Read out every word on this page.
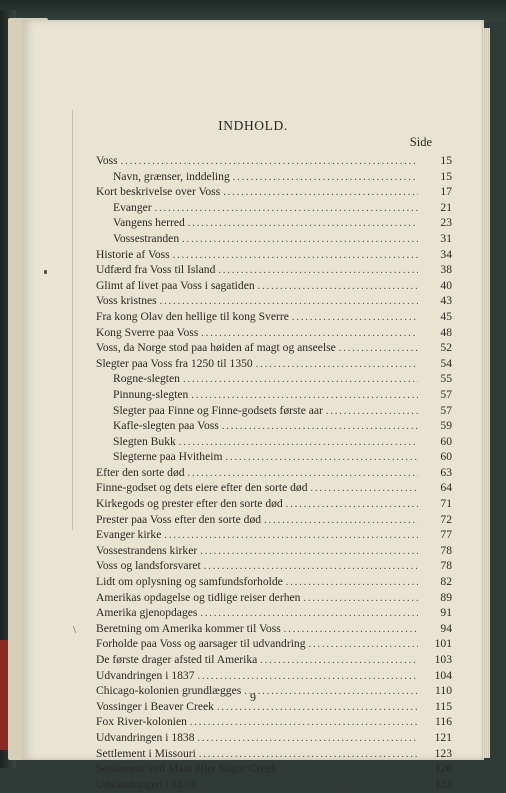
\
INDHOLD.
Side
Voss .....	15
Navn, grænser, inddeling .....	15
Kort beskrivelse over Voss .....	17
Evanger .....	21
Vangens herred .....	23
Vossestranden .....	31
Historie af Voss .....	34
Udfærd fra Voss til Island .....	38
Glimt af livet paa Voss i sagatiden .....	40
Voss kristnes .....	43
Fra kong Olav den hellige til kong Sverre .....	45
Kong Sverre paa Voss .....	48
Voss, da Norge stod paa høiden af magt og anseelse .....	52
Slegter paa Voss fra 1250 til 1350 .....	54
Rogne-slegten .....	55
Pinnung-slegten .....	57
Slegter paa Finne og Finne-godsets første aar .....	57
Kafle-slegten paa Voss .....	59
Slegten Bukk .....	60
Slegterne paa Hvitheim .....	60
Efter den sorte død .....	63
Finne-godset og dets eiere efter den sorte død .....	64
Kirkegods og prester efter den sorte død .....	71
Prester paa Voss efter den sorte død .....	72
Evanger kirke .....	77
Vossestrandens kirker .....	78
Voss og landsforsvaret .....	78
Lidt om oplysning og samfundsforholde .....	82
Amerikas opdagelse og tidlige reiser derhen .....	89
Amerika gjenopdages .....	91
Beretning om Amerika kommer til Voss .....	94
Forholde paa Voss og aarsager til udvandring .....	101
De første drager afsted til Amerika .....	103
Udvandringen i 1837 .....	104
Chicago-kolonien grundlægges .....	110
Vossinger i Beaver Creek .....	115
Fox River-kolonien .....	116
Udvandringen i 1838 .....	121
Settlement i Missouri .....	123
Settlement ved Main eller Sugar Creek .....	126
Udvandringen i 1839 .....	132
9
